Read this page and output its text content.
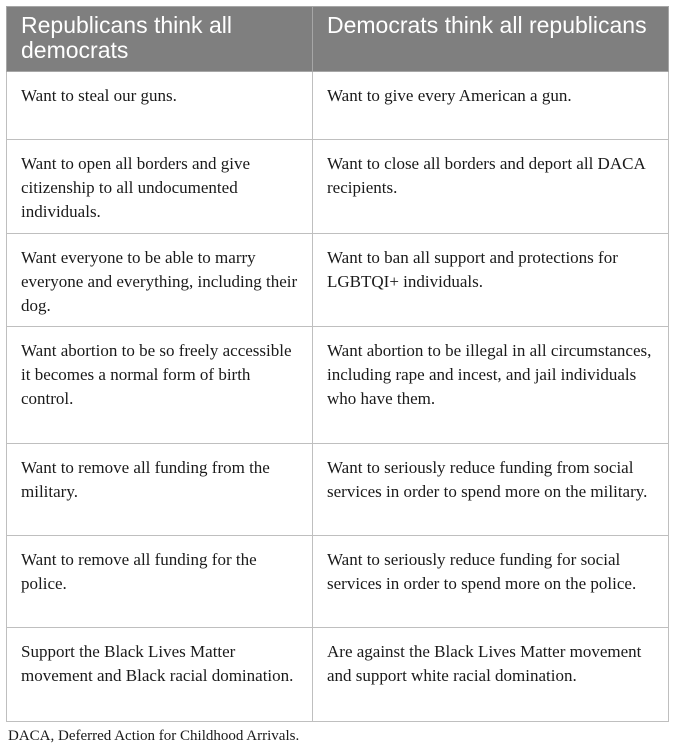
Republicans think all democrats	Democrats think all republicans
Want to steal our guns.	Want to give every American a gun.
Want to open all borders and give citizenship to all undocumented individuals.	Want to close all borders and deport all DACA recipients.
Want everyone to be able to marry everyone and everything, including their dog.	Want to ban all support and protections for LGBTQI+ individuals.
Want abortion to be so freely accessible it becomes a normal form of birth control.	Want abortion to be illegal in all circumstances, including rape and incest, and jail individuals who have them.
Want to remove all funding from the military.	Want to seriously reduce funding from social services in order to spend more on the military.
Want to remove all funding for the police.	Want to seriously reduce funding for social services in order to spend more on the police.
Support the Black Lives Matter movement and Black racial domination.	Are against the Black Lives Matter movement and support white racial domination.
DACA, Deferred Action for Childhood Arrivals.
